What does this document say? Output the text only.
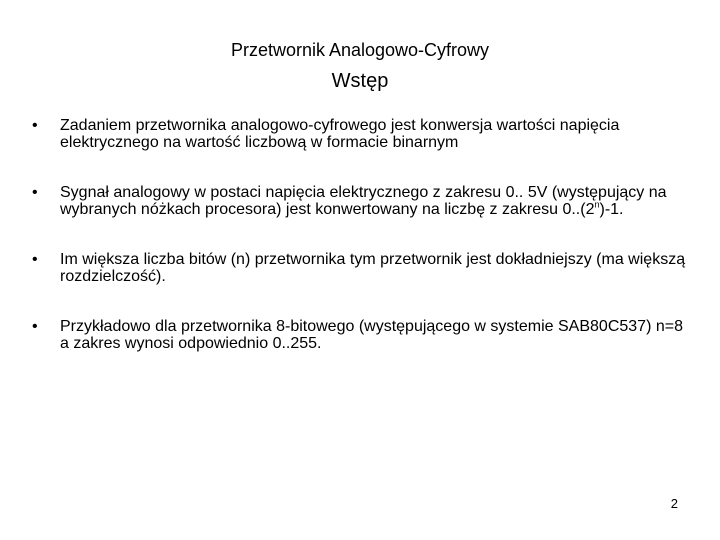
Przetwornik Analogowo-Cyfrowy
Wstęp
• Zadaniem przetwornika analogowo-cyfrowego jest konwersja wartości napięcia elektrycznego na wartość liczbową w formacie binarnym
• Sygnał analogowy w postaci napięcia elektrycznego z zakresu 0.. 5V (występujący na wybranych nóżkach procesora) jest konwertowany na liczbę z zakresu 0..(2$^n$)-1.
• Im większa liczba bitów (n) przetwornika tym przetwornik jest dokładniejszy (ma większą rozdzielczość).
• Przykładowo dla przetwornika 8-bitowego (występującego w systemie SAB80C537) n=8 a zakres wynosi odpowiednio 0..255.
2
